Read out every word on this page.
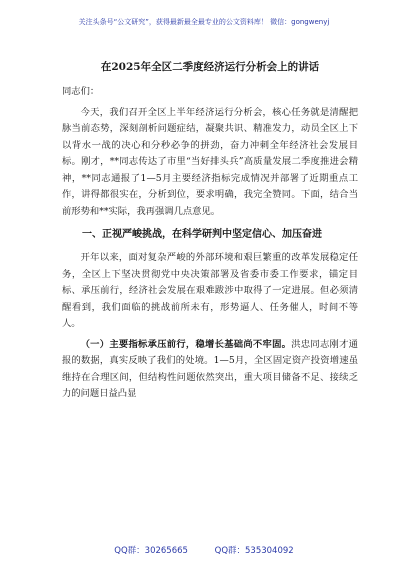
关注头条号“公文研究”，获得最新最全最专业的公文资料库！ 微信：gongwenyj
在2025年全区二季度经济运行分析会上的讲话

同志们：

今天，我们召开全区上半年经济运行分析会，核心任务就是清醒把脉当前态势，深刻剖析问题症结，凝聚共识、精准发力，动员全区上下以背水一战的决心和分秒必争的拼劲，奋力冲刺全年经济社会发展目标。刚才，**同志传达了市里“当好排头兵”高质量发展二季度推进会精神，**同志通报了1—5月主要经济指标完成情况并部署了近期重点工作，讲得都很实在，分析到位，要求明确，我完全赞同。下面，结合当前形势和**实际，我再强调几点意见。

一、正视严峻挑战，在科学研判中坚定信心、加压奋进

开年以来，面对复杂严峻的外部环境和艰巨繁重的改革发展稳定任务，全区上下坚决贯彻党中央决策部署及省委市委工作要求，锚定目标、承压前行，经济社会发展在艰难跋涉中取得了一定进展。但必须清醒看到，我们面临的挑战前所未有，形势逼人、任务催人，时间不等人。

（一）主要指标承压前行，稳增长基础尚不牢固。洪忠同志刚才通报的数据，真实反映了我们的处境。1—5月，全区固定资产投资增速虽维持在合理区间，但结构性问题依然突出，重大项目储备不足、接续乏力的问题日益凸显

QQ群：30265665	QQ群：535304092
